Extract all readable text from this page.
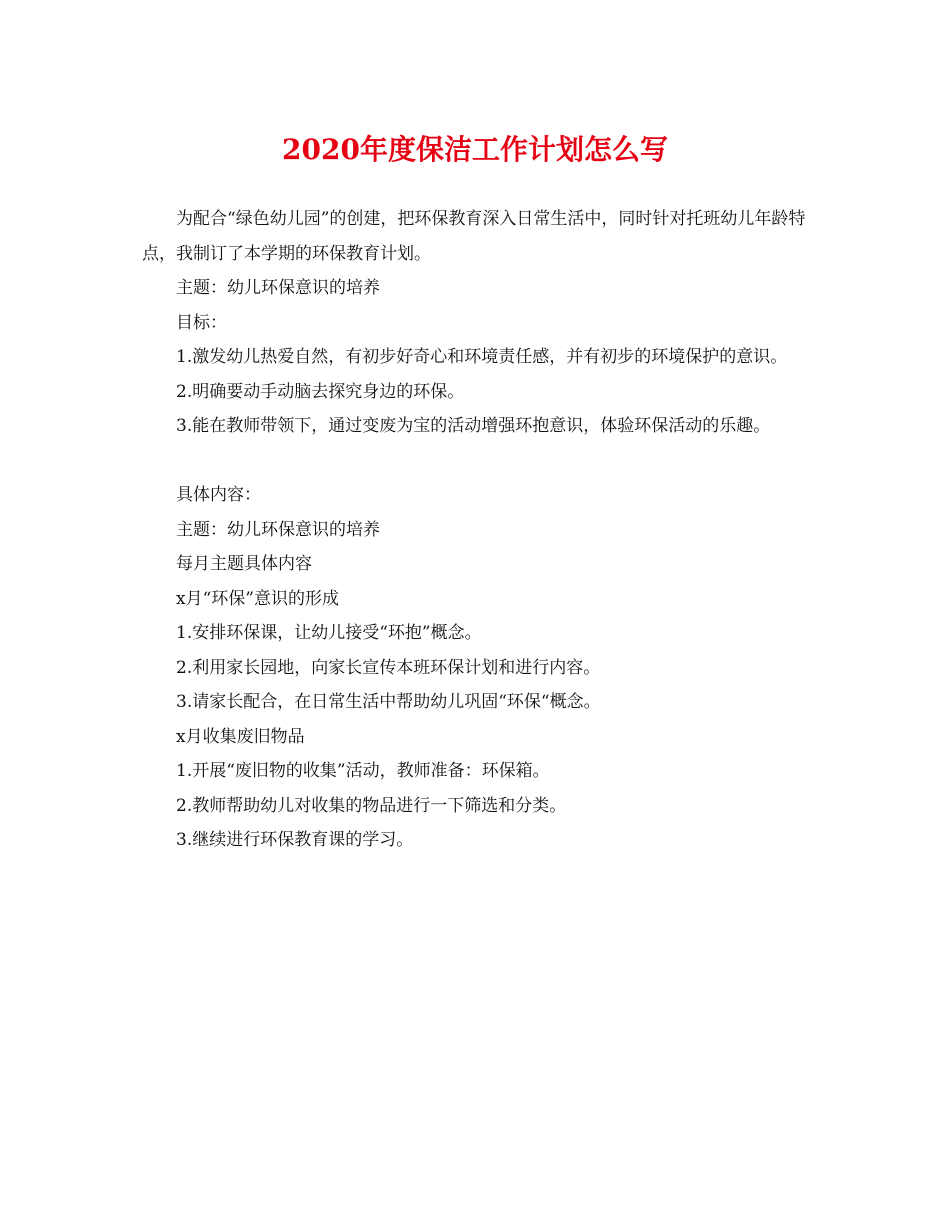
2020年度保洁工作计划怎么写

为配合“绿色幼儿园”的创建，把环保教育深入日常生活中，同时针对托班幼儿年龄特点，我制订了本学期的环保教育计划。

主题：幼儿环保意识的培养

目标：

1.激发幼儿热爱自然，有初步好奇心和环境责任感，并有初步的环境保护的意识。

2.明确要动手动脑去探究身边的环保。

3.能在教师带领下，通过变废为宝的活动增强环抱意识，体验环保活动的乐趣。

具体内容：

主题：幼儿环保意识的培养

每月主题具体内容

x月“环保”意识的形成

1.安排环保课，让幼儿接受“环抱”概念。

2.利用家长园地，向家长宣传本班环保计划和进行内容。

3.请家长配合，在日常生活中帮助幼儿巩固“环保“概念。

x月收集废旧物品

1.开展“废旧物的收集”活动，教师准备：环保箱。

2.教师帮助幼儿对收集的物品进行一下筛选和分类。

3.继续进行环保教育课的学习。
